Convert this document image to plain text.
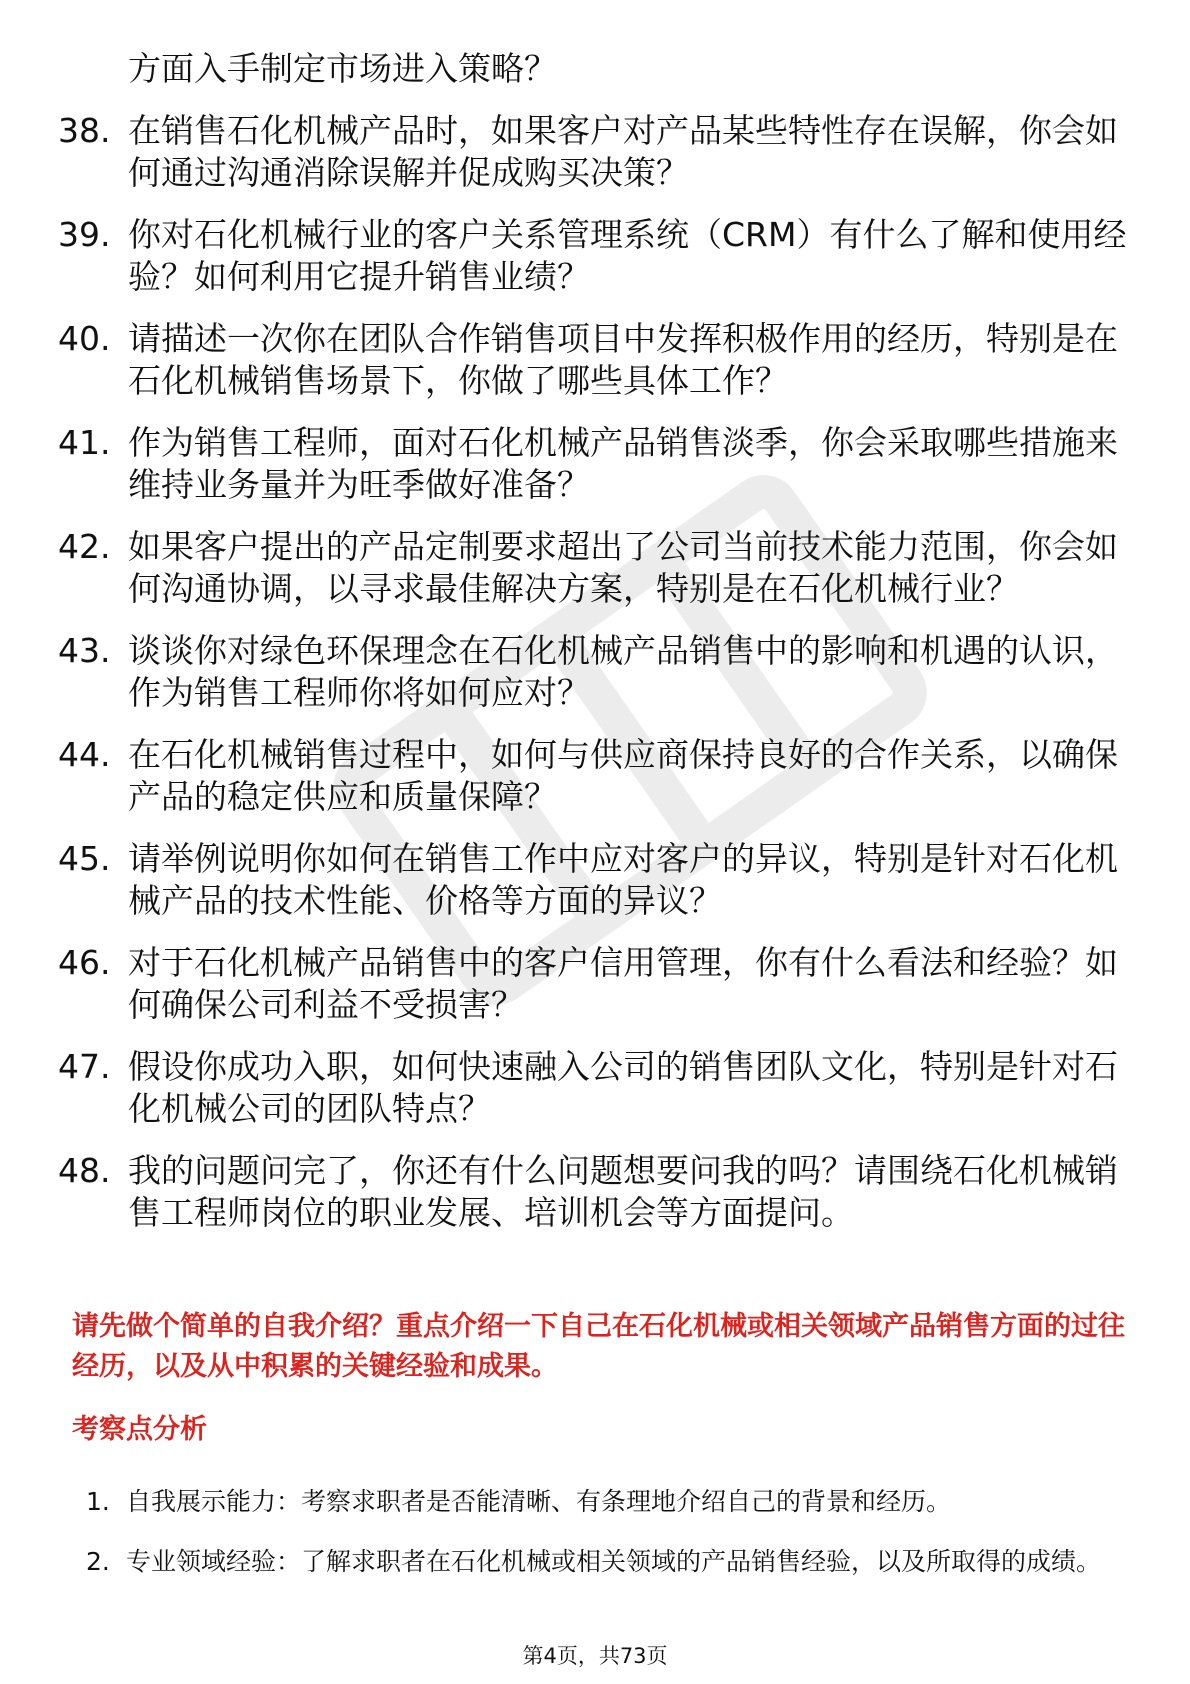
方面入手制定市场进入策略？
38. 在销售石化机械产品时，如果客户对产品某些特性存在误解，你会如何通过沟通消除误解并促成购买决策？
39. 你对石化机械行业的客户关系管理系统（CRM）有什么了解和使用经验？如何利用它提升销售业绩？
40. 请描述一次你在团队合作销售项目中发挥积极作用的经历，特别是在石化机械销售场景下，你做了哪些具体工作？
41. 作为销售工程师，面对石化机械产品销售淡季，你会采取哪些措施来维持业务量并为旺季做好准备？
42. 如果客户提出的产品定制要求超出了公司当前技术能力范围，你会如何沟通协调，以寻求最佳解决方案，特别是在石化机械行业？
43. 谈谈你对绿色环保理念在石化机械产品销售中的影响和机遇的认识，作为销售工程师你将如何应对？
44. 在石化机械销售过程中，如何与供应商保持良好的合作关系，以确保产品的稳定供应和质量保障？
45. 请举例说明你如何在销售工作中应对客户的异议，特别是针对石化机械产品的技术性能、价格等方面的异议？
46. 对于石化机械产品销售中的客户信用管理，你有什么看法和经验？如何确保公司利益不受损害？
47. 假设你成功入职，如何快速融入公司的销售团队文化，特别是针对石化机械公司的团队特点？
48. 我的问题问完了，你还有什么问题想要问我的吗？请围绕石化机械销售工程师岗位的职业发展、培训机会等方面提问。
请先做个简单的自我介绍？重点介绍一下自己在石化机械或相关领域产品销售方面的过往经历，以及从中积累的关键经验和成果。
考察点分析
1. 自我展示能力：考察求职者是否能清晰、有条理地介绍自己的背景和经历。
2. 专业领域经验：了解求职者在石化机械或相关领域的产品销售经验，以及所取得的成绩。
第4页，共73页
